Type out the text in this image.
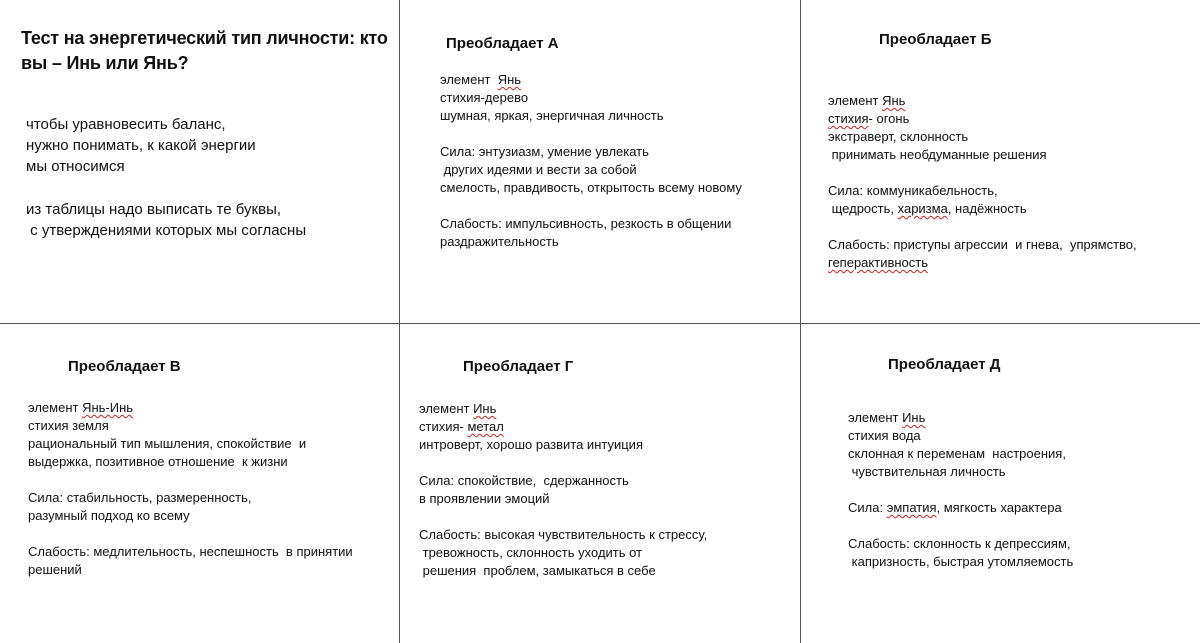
Тест на энергетический тип личности: кто вы – Инь или Янь?
чтобы уравновесить баланс,
нужно понимать, к какой энергии
мы относимся
из таблицы надо выписать те буквы,
с утверждениями которых мы согласны
Преобладает А
элемент  Янь
стихия-дерево
шумная, яркая, энергичная личность
Сила: энтузиазм, умение увлекать
других идеями и вести за собой
смелость, правдивость, открытость всему новому
Слабость: импульсивность, резкость в общении
раздражительность
Преобладает Б
элемент Янь
стихия- огонь
экстраверт, склонность
принимать необдуманные решения
Сила: коммуникабельность,
щедрость, харизма, надёжность
Слабость: приступы агрессии  и гнева,  упрямство,
гепеpактивность
Преобладает В
элемент Янь-Инь
стихия земля
рациональный тип мышления, спокойствие  и
выдержка, позитивное отношение  к жизни
Сила: стабильность, размеренность,
разумный подход ко всему
Слабость: медлительность, неспешность  в принятии
решений
Преобладает Г
элемент Инь
стихия- метал
интроверт, хорошо развита интуиция
Сила: спокойствие,  сдержанность
в проявлении эмоций
Слабость: высокая чувствительность к стрессу,
тревожность, склонность уходить от
решения  проблем, замыкаться в себе
Преобладает Д
элемент Инь
стихия вода
склонная к переменам  настроения,
чувствительная личность
Сила: эмпатия, мягкость характера
Слабость: склонность к депрессиям,
капризность, быстрая утомляемость
